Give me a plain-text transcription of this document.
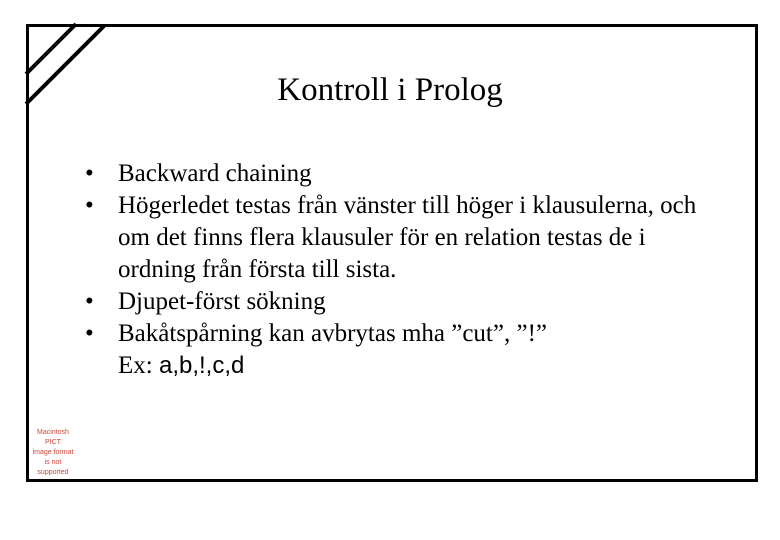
Kontroll i Prolog
• Backward chaining
• Högerledet testas från vänster till höger i klausulerna, och om det finns flera klausuler för en relation testas de i ordning från första till sista.
• Djupet-först sökning
• Bakåtspårning kan avbrytas mha ”cut”, ”!”
Ex: a,b,!,c,d
Macintosh PICT
image format
is not supported
